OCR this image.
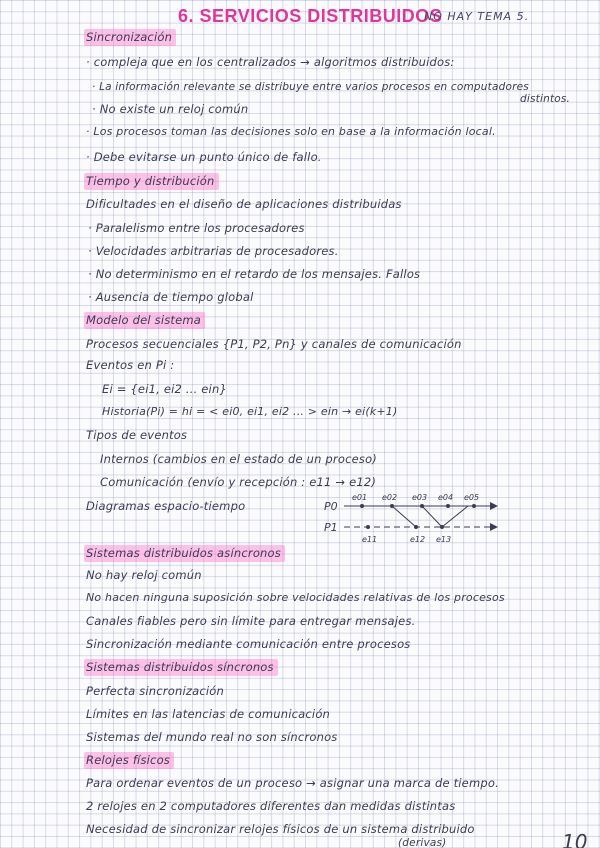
6. SERVICIOS DISTRIBUIDOS
NO HAY TEMA 5.
Sincronización
· compleja que en los centralizados → algoritmos distribuidos:
· La información relevante se distribuye entre varios procesos en computadores
distintos.
· No existe un reloj común
· Los procesos toman las decisiones solo en base a la información local.
· Debe evitarse un punto único de fallo.
Tiempo y distribución
Dificultades en el diseño de aplicaciones distribuidas
· Paralelismo entre los procesadores
· Velocidades arbitrarias de procesadores.
· No determinismo en el retardo de los mensajes. Fallos
· Ausencia de tiempo global
Modelo del sistema
Procesos secuenciales {P1, P2, Pn} y canales de comunicación
Eventos en Pi :
Ei = {ei1, ei2 ... ein}
Historia(Pi) = hi = < ei0, ei1, ei2 ... > ein → ei(k+1)
Tipos de eventos
Internos (cambios en el estado de un proceso)
Comunicación (envío y recepción : e11 → e12)
Diagramas espacio-tiempo	P0
P1
e01 e02 e03 e04 e05
e11	e12 e13
Sistemas distribuidos asíncronos
No hay reloj común
No hacen ninguna suposición sobre velocidades relativas de los procesos
Canales fiables pero sin límite para entregar mensajes.
Sincronización mediante comunicación entre procesos
Sistemas distribuidos síncronos
Perfecta sincronización
Límites en las latencias de comunicación
Sistemas del mundo real no son síncronos
Relojes físicos
Para ordenar eventos de un proceso → asignar una marca de tiempo.
2 relojes en 2 computadores diferentes dan medidas distintas
Necesidad de sincronizar relojes físicos de un sistema distribuido
(derivas)	10
